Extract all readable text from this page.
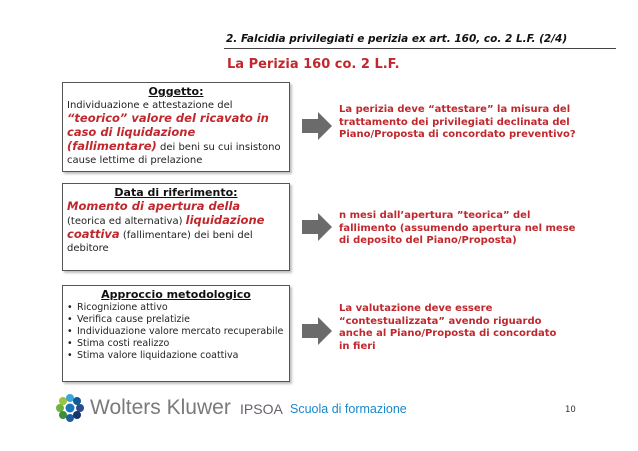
2. Falcidia privilegiati e perizia ex art. 160, co. 2 L.F. (2/4)
La Perizia 160 co. 2 L.F.
Oggetto:
Individuazione e attestazione del
“teorico” valore del ricavato in caso di liquidazione (fallimentare) dei beni su cui insistono cause lettime di prelazione
La perizia deve “attestare” la misura del trattamento dei privilegiati declinata del Piano/Proposta di concordato preventivo?
Data di riferimento:
Momento di apertura della
(teorica ed alternativa) liquidazione coattiva (fallimentare) dei beni del debitore
n mesi dall’apertura ”teorica” del fallimento (assumendo apertura nel mese di deposito del Piano/Proposta)
Approccio metodologico
• Ricognizione attivo
• Verifica cause prelatizie
• Individuazione valore mercato recuperabile
• Stima costi realizzo
• Stima valore liquidazione coattiva
La valutazione deve essere “contestualizzata” avendo riguardo anche al Piano/Proposta di concordato in fieri
Wolters Kluwer IPSOA Scuola di formazione	10
